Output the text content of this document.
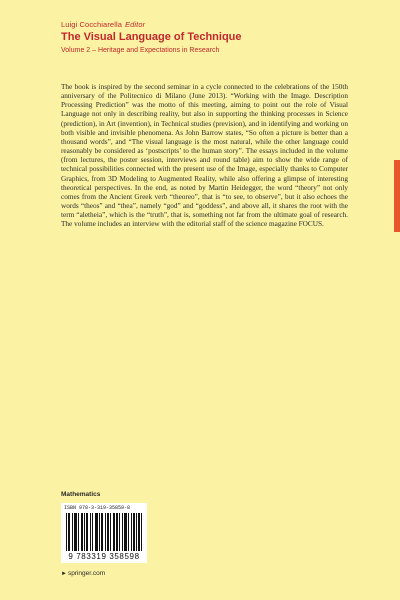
Luigi Cocchiarella Editor
The Visual Language of Technique
Volume 2 – Heritage and Expectations in Research
The book is inspired by the second seminar in a cycle connected to the celebrations of the 150th anniversary of the Politecnico di Milano (June 2013). “Working with the Image. Description Processing Prediction” was the motto of this meeting, aiming to point out the role of Visual Language not only in describing reality, but also in supporting the thinking processes in Science (prediction), in Art (invention), in Technical studies (prevision), and in identifying and working on both visible and invisible phenomena. As John Barrow states, “So often a picture is better than a thousand words”, and “The visual language is the most natural, while the other language could reasonably be considered as ‘postscripts’ to the human story”. The essays included in the volume (from lectures, the poster session, interviews and round table) aim to show the wide range of technical possibilities connected with the present use of the Image, especially thanks to Computer Graphics, from 3D Modeling to Augmented Reality, while also offering a glimpse of interesting theoretical perspectives. In the end, as noted by Martin Heidegger, the word “theory” not only comes from the Ancient Greek verb “theoreo”, that is “to see, to observe”, but it also echoes the words “theos” and “thea”, namely “god” and “goddess”, and above all, it shares the root with the term “aletheia”, which is the “truth”, that is, something not far from the ultimate goal of research. The volume includes an interview with the editorial staff of the science magazine FOCUS.
Mathematics
ISBN 978-3-319-35859-8
9 783319 358598
►springer.com
